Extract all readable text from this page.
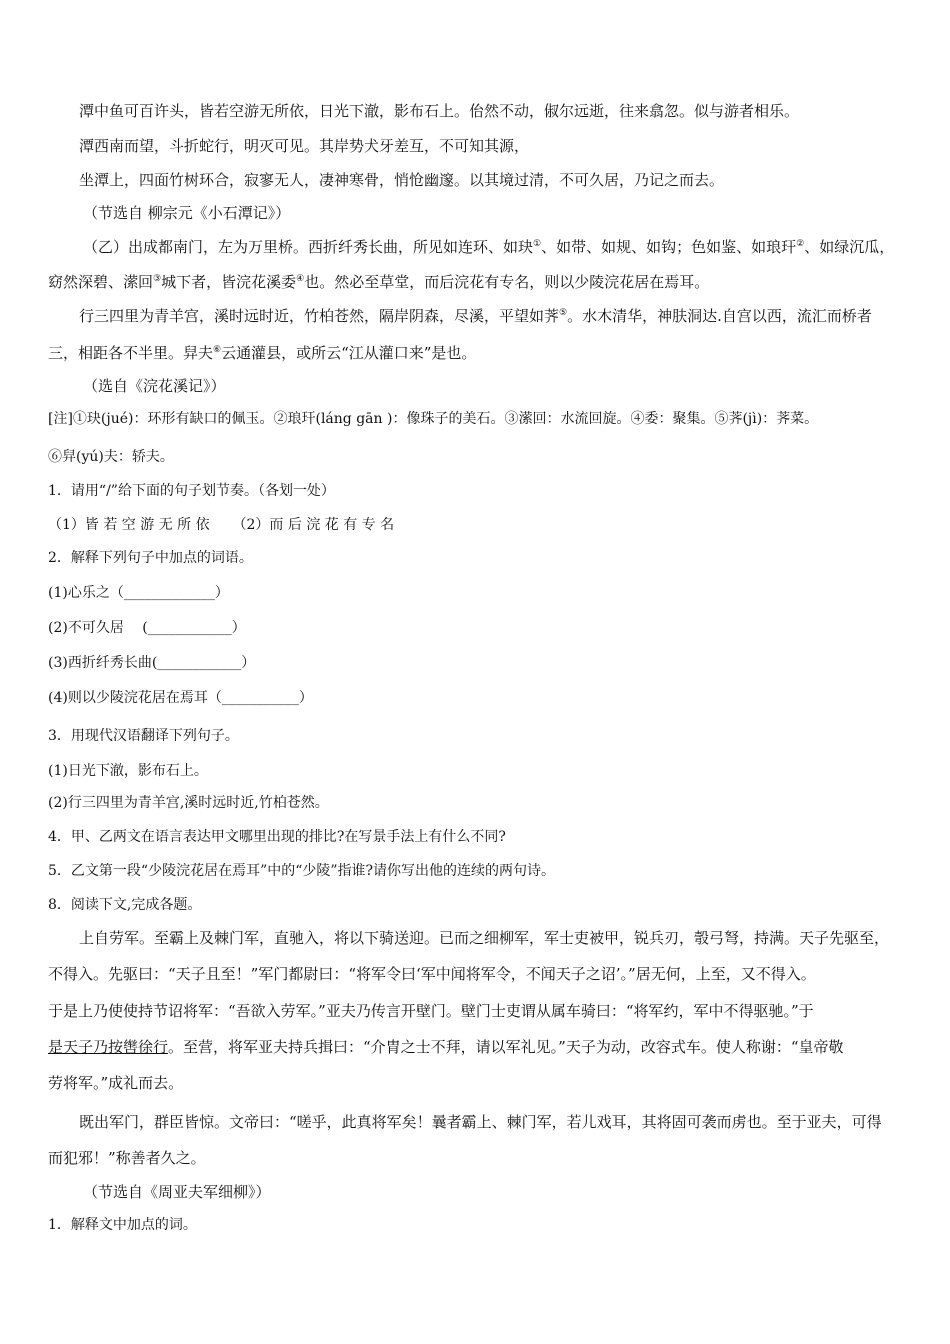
潭中鱼可百许头，皆若空游无所依，日光下澈，影布石上。佁然不动，俶尔远逝，往来翕忽。似与游者相乐。
潭西南而望，斗折蛇行，明灭可见。其岸势犬牙差互，不可知其源，
坐潭上，四面竹树环合，寂寥无人，凄神寒骨，悄怆幽邃。以其境过清，不可久居，乃记之而去。
（节选自 柳宗元《小石潭记》）
（乙）出成都南门，左为万里桥。西折纤秀长曲，所见如连环、如玦①、如带、如规、如钩；色如鉴、如琅玕②、如绿沉瓜，
窈然深碧、潆回③城下者，皆浣花溪委④也。然必至草堂，而后浣花有专名，则以少陵浣花居在焉耳。
行三四里为青羊宫，溪时远时近，竹柏苍然，隔岸阴森，尽溪，平望如荠⑤。水木清华，神肤洞达.自宫以西，流汇而桥者
三，相距各不半里。舁夫⑥云通灌县，或所云“江从灌口来”是也。
（选自《浣花溪记》）
[注]①玦(jué)：环形有缺口的佩玉。②琅玕(láng gān )：像珠子的美石。③潆回：水流回旋。④委：聚集。⑤荠(jì)：荠菜。
⑥舁(yú)夫：轿夫。
1．请用“/”给下面的句子划节奏。（各划一处）
（1）皆 若 空 游 无 所 依 　 （2）而 后 浣 花 有 专 名
2．解释下列句子中加点的词语。
(1)心乐之（_____________）
(2)不可久居 　(____________）
(3)西折纤秀长曲(____________）
(4)则以少陵浣花居在焉耳（___________）
3．用现代汉语翻译下列句子。
(1)日光下澈，影布石上。
(2)行三四里为青羊宫,溪时远时近,竹柏苍然。
4．甲、乙两文在语言表达甲文哪里出现的排比?在写景手法上有什么不同?
5．乙文第一段“少陵浣花居在焉耳”中的“少陵”指谁?请你写出他的连续的两句诗。
8．阅读下文,完成各题。
上自劳军。至霸上及棘门军，直驰入，将以下骑送迎。已而之细柳军，军士吏被甲，锐兵刃，彀弓弩，持满。天子先驱至，
不得入。先驱曰：“天子且至！”军门都尉曰：“将军令曰‘军中闻将军令，不闻天子之诏’。”居无何，上至，又不得入。
于是上乃使使持节诏将军：“吾欲入劳军。”亚夫乃传言开壁门。壁门士吏谓从属车骑曰：“将军约，军中不得驱驰。”于
是天子乃按辔徐行。至营，将军亚夫持兵揖曰：“介胄之士不拜，请以军礼见。”天子为动，改容式车。使人称谢：“皇帝敬
劳将军。”成礼而去。
既出军门，群臣皆惊。文帝曰：“嗟乎，此真将军矣！曩者霸上、棘门军，若儿戏耳，其将固可袭而虏也。至于亚夫，可得
而犯邪！”称善者久之。
（节选自《周亚夫军细柳》）
1．解释文中加点的词。
